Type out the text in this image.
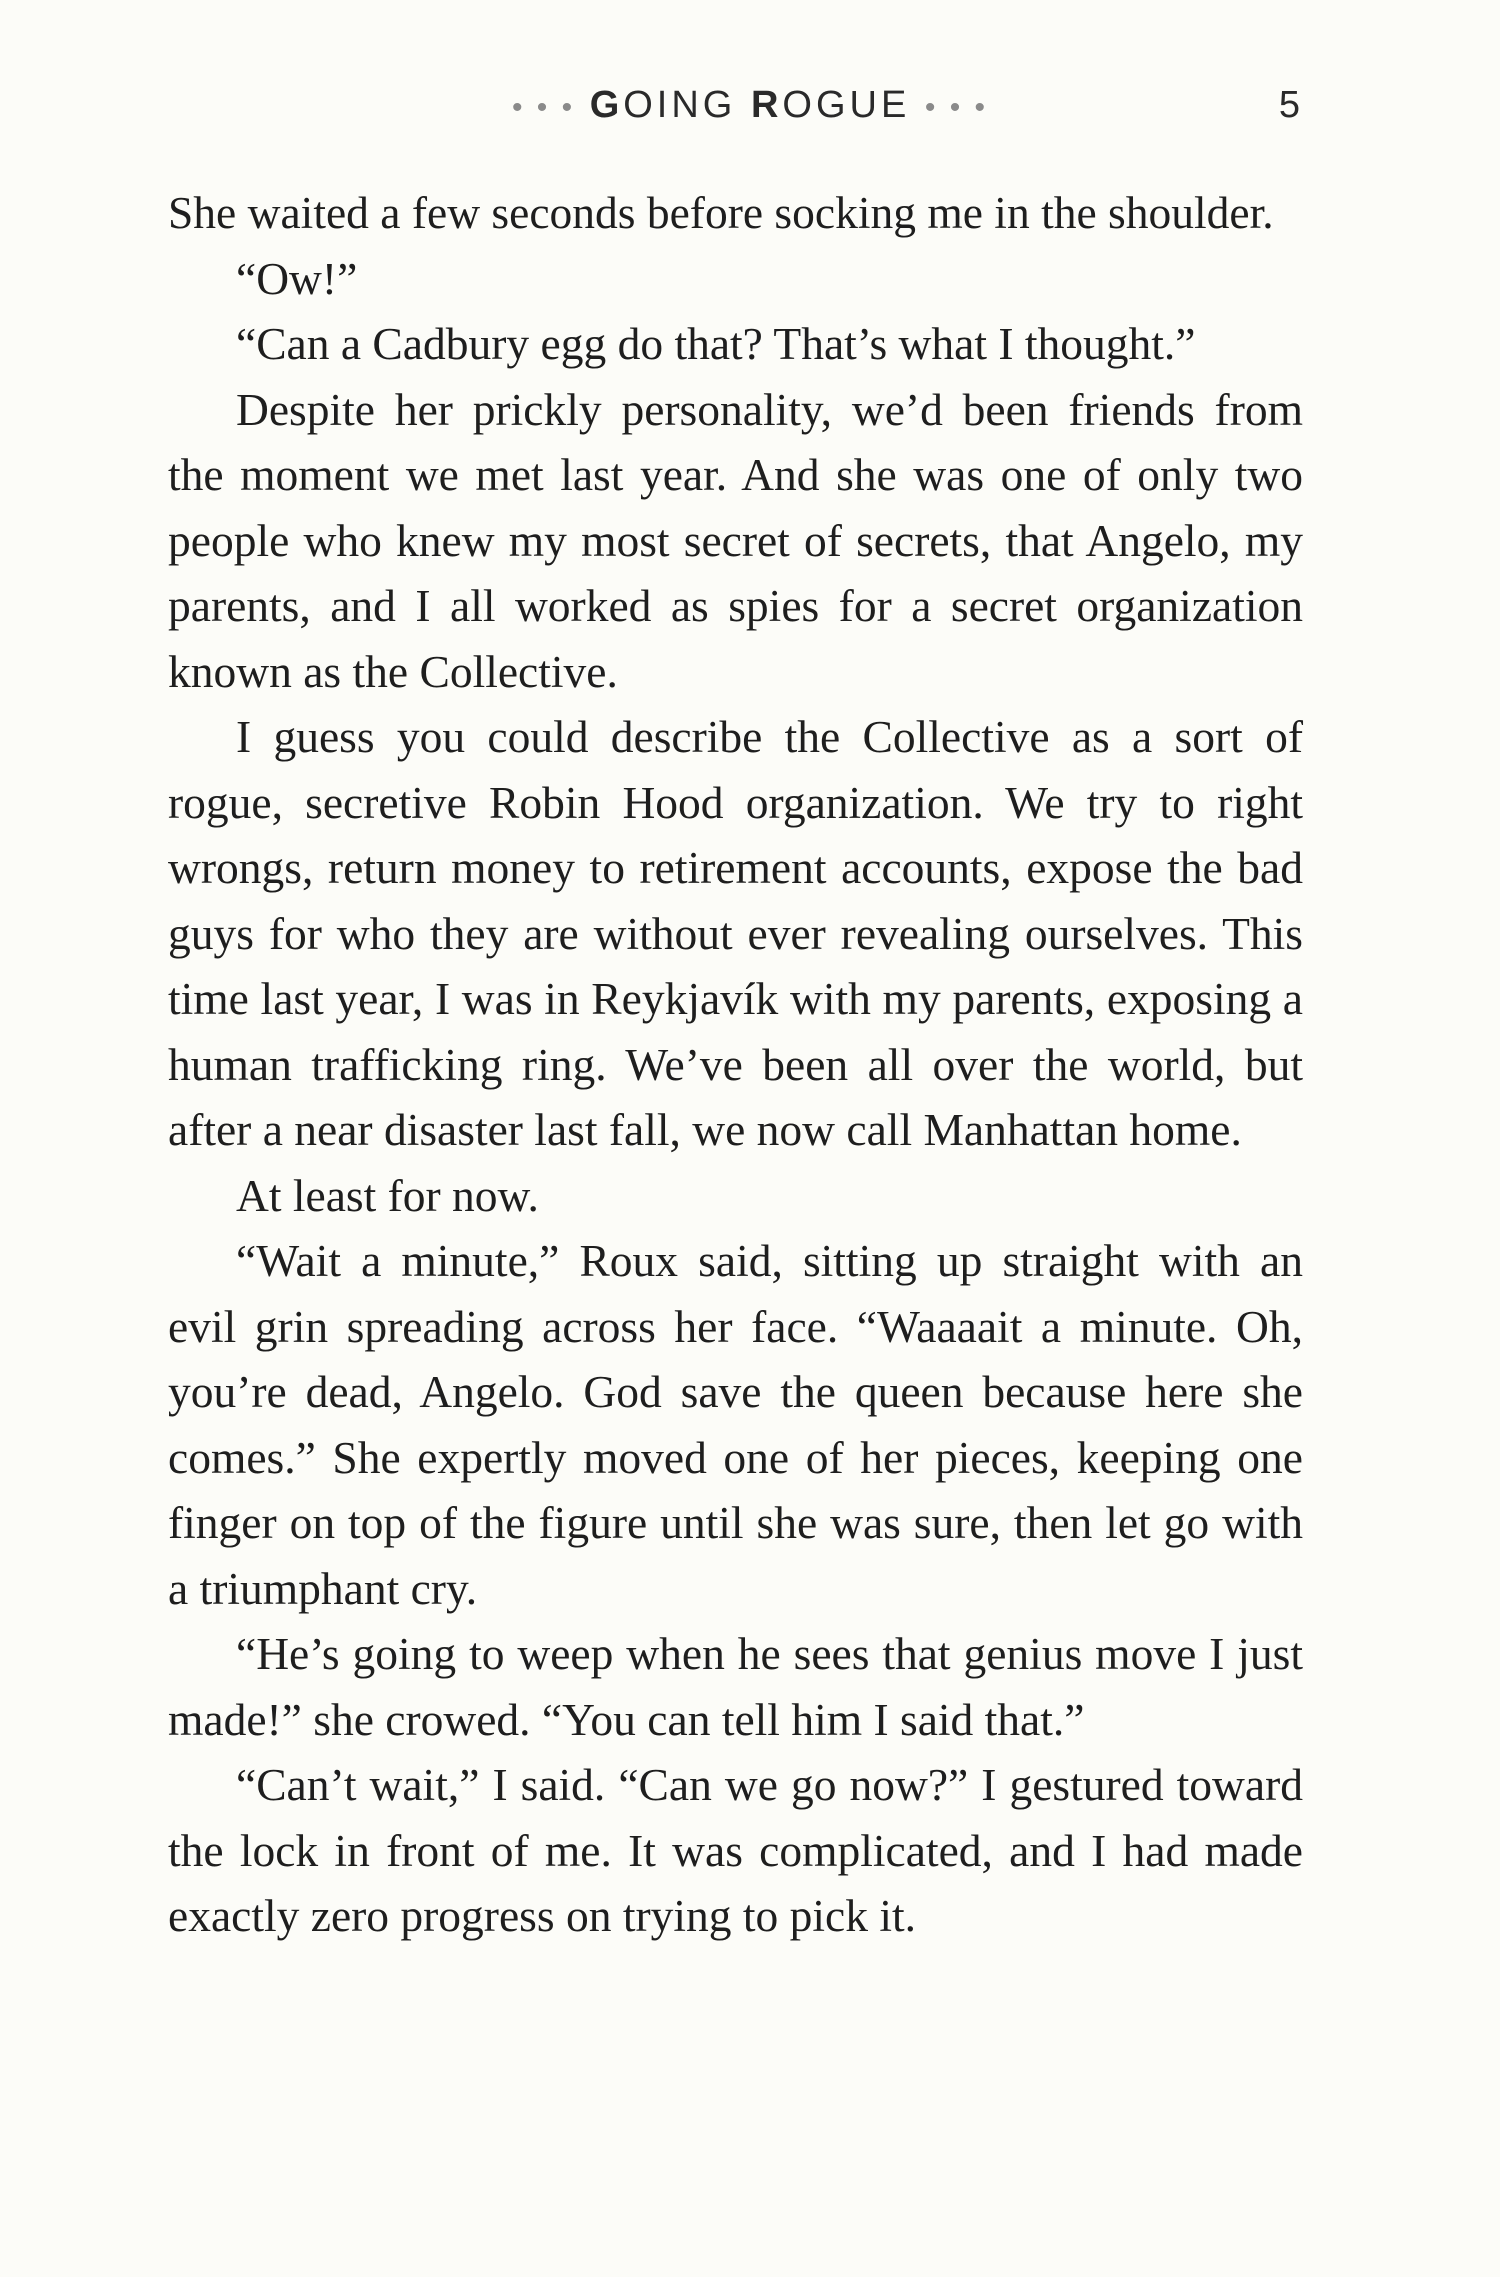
• • • GOING ROGUE • • •	5

She waited a few seconds before socking me in the shoulder.

“Ow!”

“Can a Cadbury egg do that? That’s what I thought.”

Despite her prickly personality, we’d been friends from the moment we met last year. And she was one of only two people who knew my most secret of secrets, that Angelo, my parents, and I all worked as spies for a secret organization known as the Collective.

I guess you could describe the Collective as a sort of rogue, secretive Robin Hood organization. We try to right wrongs, return money to retirement accounts, expose the bad guys for who they are without ever revealing ourselves. This time last year, I was in Reykjavík with my parents, exposing a human trafficking ring. We’ve been all over the world, but after a near disaster last fall, we now call Manhattan home.

At least for now.

“Wait a minute,” Roux said, sitting up straight with an evil grin spreading across her face. “Waaaait a minute. Oh, you’re dead, Angelo. God save the queen because here she comes.” She expertly moved one of her pieces, keeping one finger on top of the figure until she was sure, then let go with a triumphant cry.

“He’s going to weep when he sees that genius move I just made!” she crowed. “You can tell him I said that.”

“Can’t wait,” I said. “Can we go now?” I gestured toward the lock in front of me. It was complicated, and I had made exactly zero progress on trying to pick it.
